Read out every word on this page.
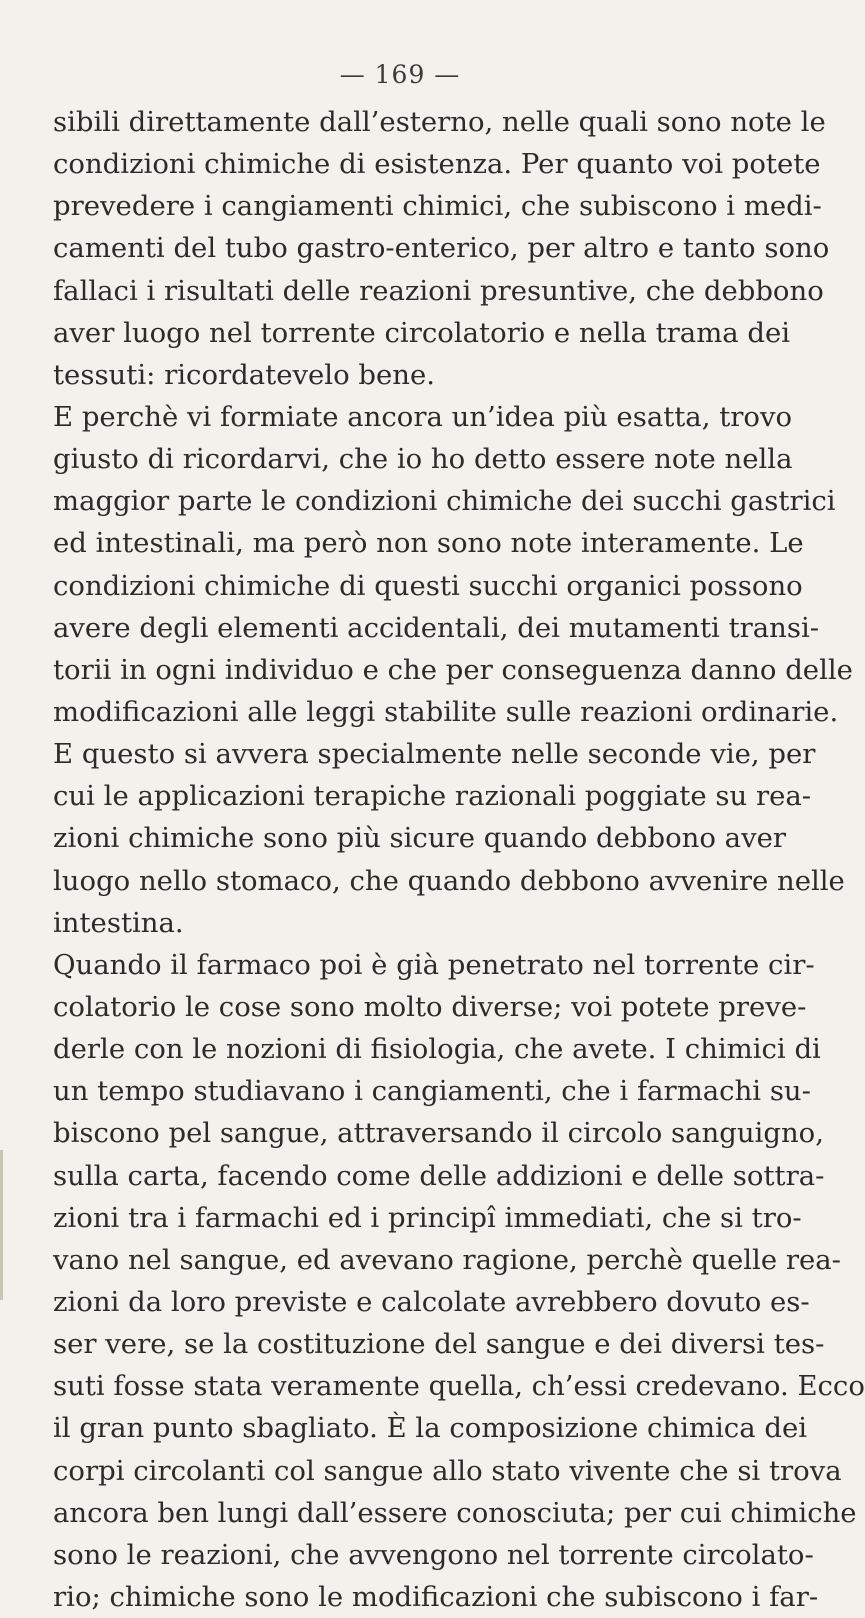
— 169 —
sibili direttamente dall’esterno, nelle quali sono note le
condizioni chimiche di esistenza. Per quanto voi potete
prevedere i cangiamenti chimici, che subiscono i medi-
camenti del tubo gastro-enterico, per altro e tanto sono
fallaci i risultati delle reazioni presuntive, che debbono
aver luogo nel torrente circolatorio e nella trama dei
tessuti: ricordatevelo bene.
E perchè vi formiate ancora un’idea più esatta, trovo
giusto di ricordarvi, che io ho detto essere note nella
maggior parte le condizioni chimiche dei succhi gastrici
ed intestinali, ma però non sono note interamente. Le
condizioni chimiche di questi succhi organici possono
avere degli elementi accidentali, dei mutamenti transi-
torii in ogni individuo e che per conseguenza danno delle
modificazioni alle leggi stabilite sulle reazioni ordinarie.
E questo si avvera specialmente nelle seconde vie, per
cui le applicazioni terapiche razionali poggiate su rea-
zioni chimiche sono più sicure quando debbono aver
luogo nello stomaco, che quando debbono avvenire nelle
intestina.
Quando il farmaco poi è già penetrato nel torrente cir-
colatorio le cose sono molto diverse; voi potete preve-
derle con le nozioni di fisiologia, che avete. I chimici di
un tempo studiavano i cangiamenti, che i farmachi su-
biscono pel sangue, attraversando il circolo sanguigno,
sulla carta, facendo come delle addizioni e delle sottra-
zioni tra i farmachi ed i principî immediati, che si tro-
vano nel sangue, ed avevano ragione, perchè quelle rea-
zioni da loro previste e calcolate avrebbero dovuto es-
ser vere, se la costituzione del sangue e dei diversi tes-
suti fosse stata veramente quella, ch’essi credevano. Ecco
il gran punto sbagliato. È la composizione chimica dei
corpi circolanti col sangue allo stato vivente che si trova
ancora ben lungi dall’essere conosciuta; per cui chimiche
sono le reazioni, che avvengono nel torrente circolato-
rio; chimiche sono le modificazioni che subiscono i far-
